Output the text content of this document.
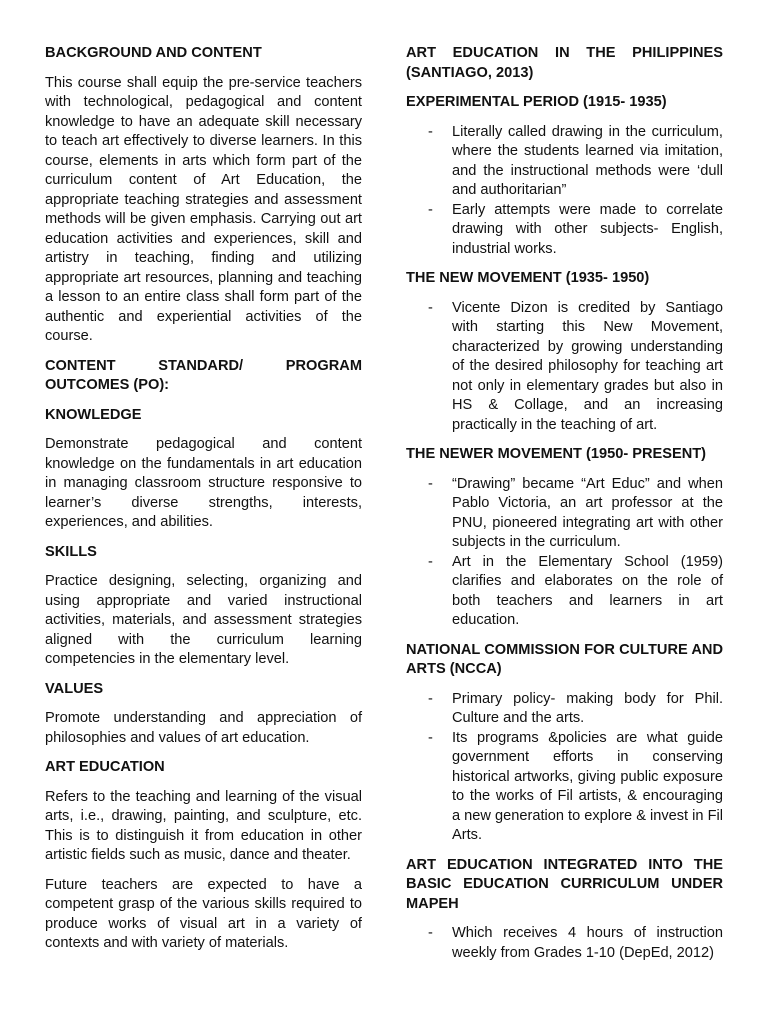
BACKGROUND AND CONTENT

This course shall equip the pre-service teachers with technological, pedagogical and content knowledge to have an adequate skill necessary to teach art effectively to diverse learners. In this course, elements in arts which form part of the curriculum content of Art Education, the appropriate teaching strategies and assessment methods will be given emphasis. Carrying out art education activities and experiences, skill and artistry in teaching, finding and utilizing appropriate art resources, planning and teaching a lesson to an entire class shall form part of the authentic and experiential activities of the course.

CONTENT STANDARD/ PROGRAM OUTCOMES (PO):
KNOWLEDGE

Demonstrate pedagogical and content knowledge on the fundamentals in art education in managing classroom structure responsive to learner’s diverse strengths, interests, experiences, and abilities.

SKILLS

Practice designing, selecting, organizing and using appropriate and varied instructional activities, materials, and assessment strategies aligned with the curriculum learning competencies in the elementary level.

VALUES

Promote understanding and appreciation of philosophies and values of art education.

ART EDUCATION

Refers to the teaching and learning of the visual arts, i.e., drawing, painting, and sculpture, etc. This is to distinguish it from education in other artistic fields such as music, dance and theater.

Future teachers are expected to have a competent grasp of the various skills required to produce works of visual art in a variety of contexts and with variety of materials.

ART EDUCATION IN THE PHILIPPINES (SANTIAGO, 2013)
EXPERIMENTAL PERIOD (1915- 1935)
- Literally called drawing in the curriculum, where the students learned via imitation, and the instructional methods were ‘dull and authoritarian”
- Early attempts were made to correlate drawing with other subjects- English, industrial works.
THE NEW MOVEMENT (1935- 1950)
- Vicente Dizon is credited by Santiago with starting this New Movement, characterized by growing understanding of the desired philosophy for teaching art not only in elementary grades but also in HS & Collage, and an increasing practically in the teaching of art.
THE NEWER MOVEMENT (1950- PRESENT)
- “Drawing” became “Art Educ” and when Pablo Victoria, an art professor at the PNU, pioneered integrating art with other subjects in the curriculum.
- Art in the Elementary School (1959) clarifies and elaborates on the role of both teachers and learners in art education.
NATIONAL COMMISSION FOR CULTURE AND ARTS (NCCA)
- Primary policy- making body for Phil. Culture and the arts.
- Its programs &policies are what guide government efforts in conserving historical artworks, giving public exposure to the works of Fil artists, & encouraging a new generation to explore & invest in Fil Arts.
ART EDUCATION INTEGRATED INTO THE BASIC EDUCATION CURRICULUM UNDER MAPEH
- Which receives 4 hours of instruction weekly from Grades 1-10 (DepEd, 2012)
